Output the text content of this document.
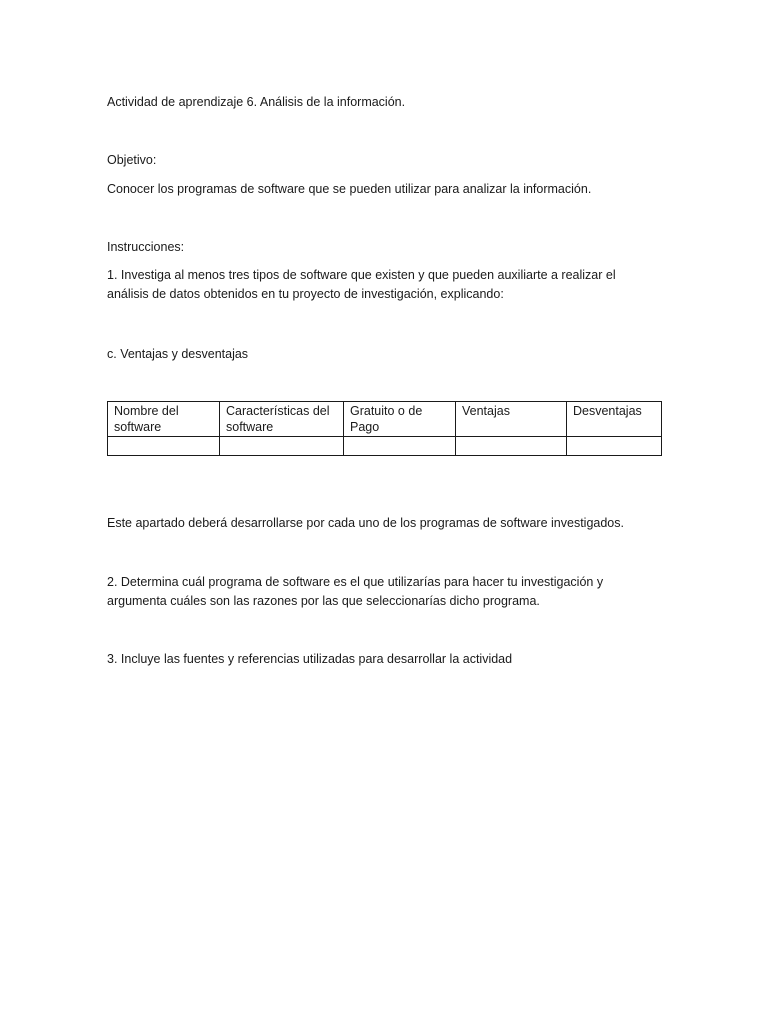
Actividad de aprendizaje 6. Análisis de la información.

Objetivo:

Conocer los programas de software que se pueden utilizar para analizar la información.

Instrucciones:

1. Investiga al menos tres tipos de software que existen y que pueden auxiliarte a realizar el

análisis de datos obtenidos en tu proyecto de investigación, explicando:

c. Ventajas y desventajas

Nombre del software	Características del software	Gratuito o de Pago	Ventajas	Desventajas

Este apartado deberá desarrollarse por cada uno de los programas de software investigados.

2. Determina cuál programa de software es el que utilizarías para hacer tu investigación y

argumenta cuáles son las razones por las que seleccionarías dicho programa.

3. Incluye las fuentes y referencias utilizadas para desarrollar la actividad
